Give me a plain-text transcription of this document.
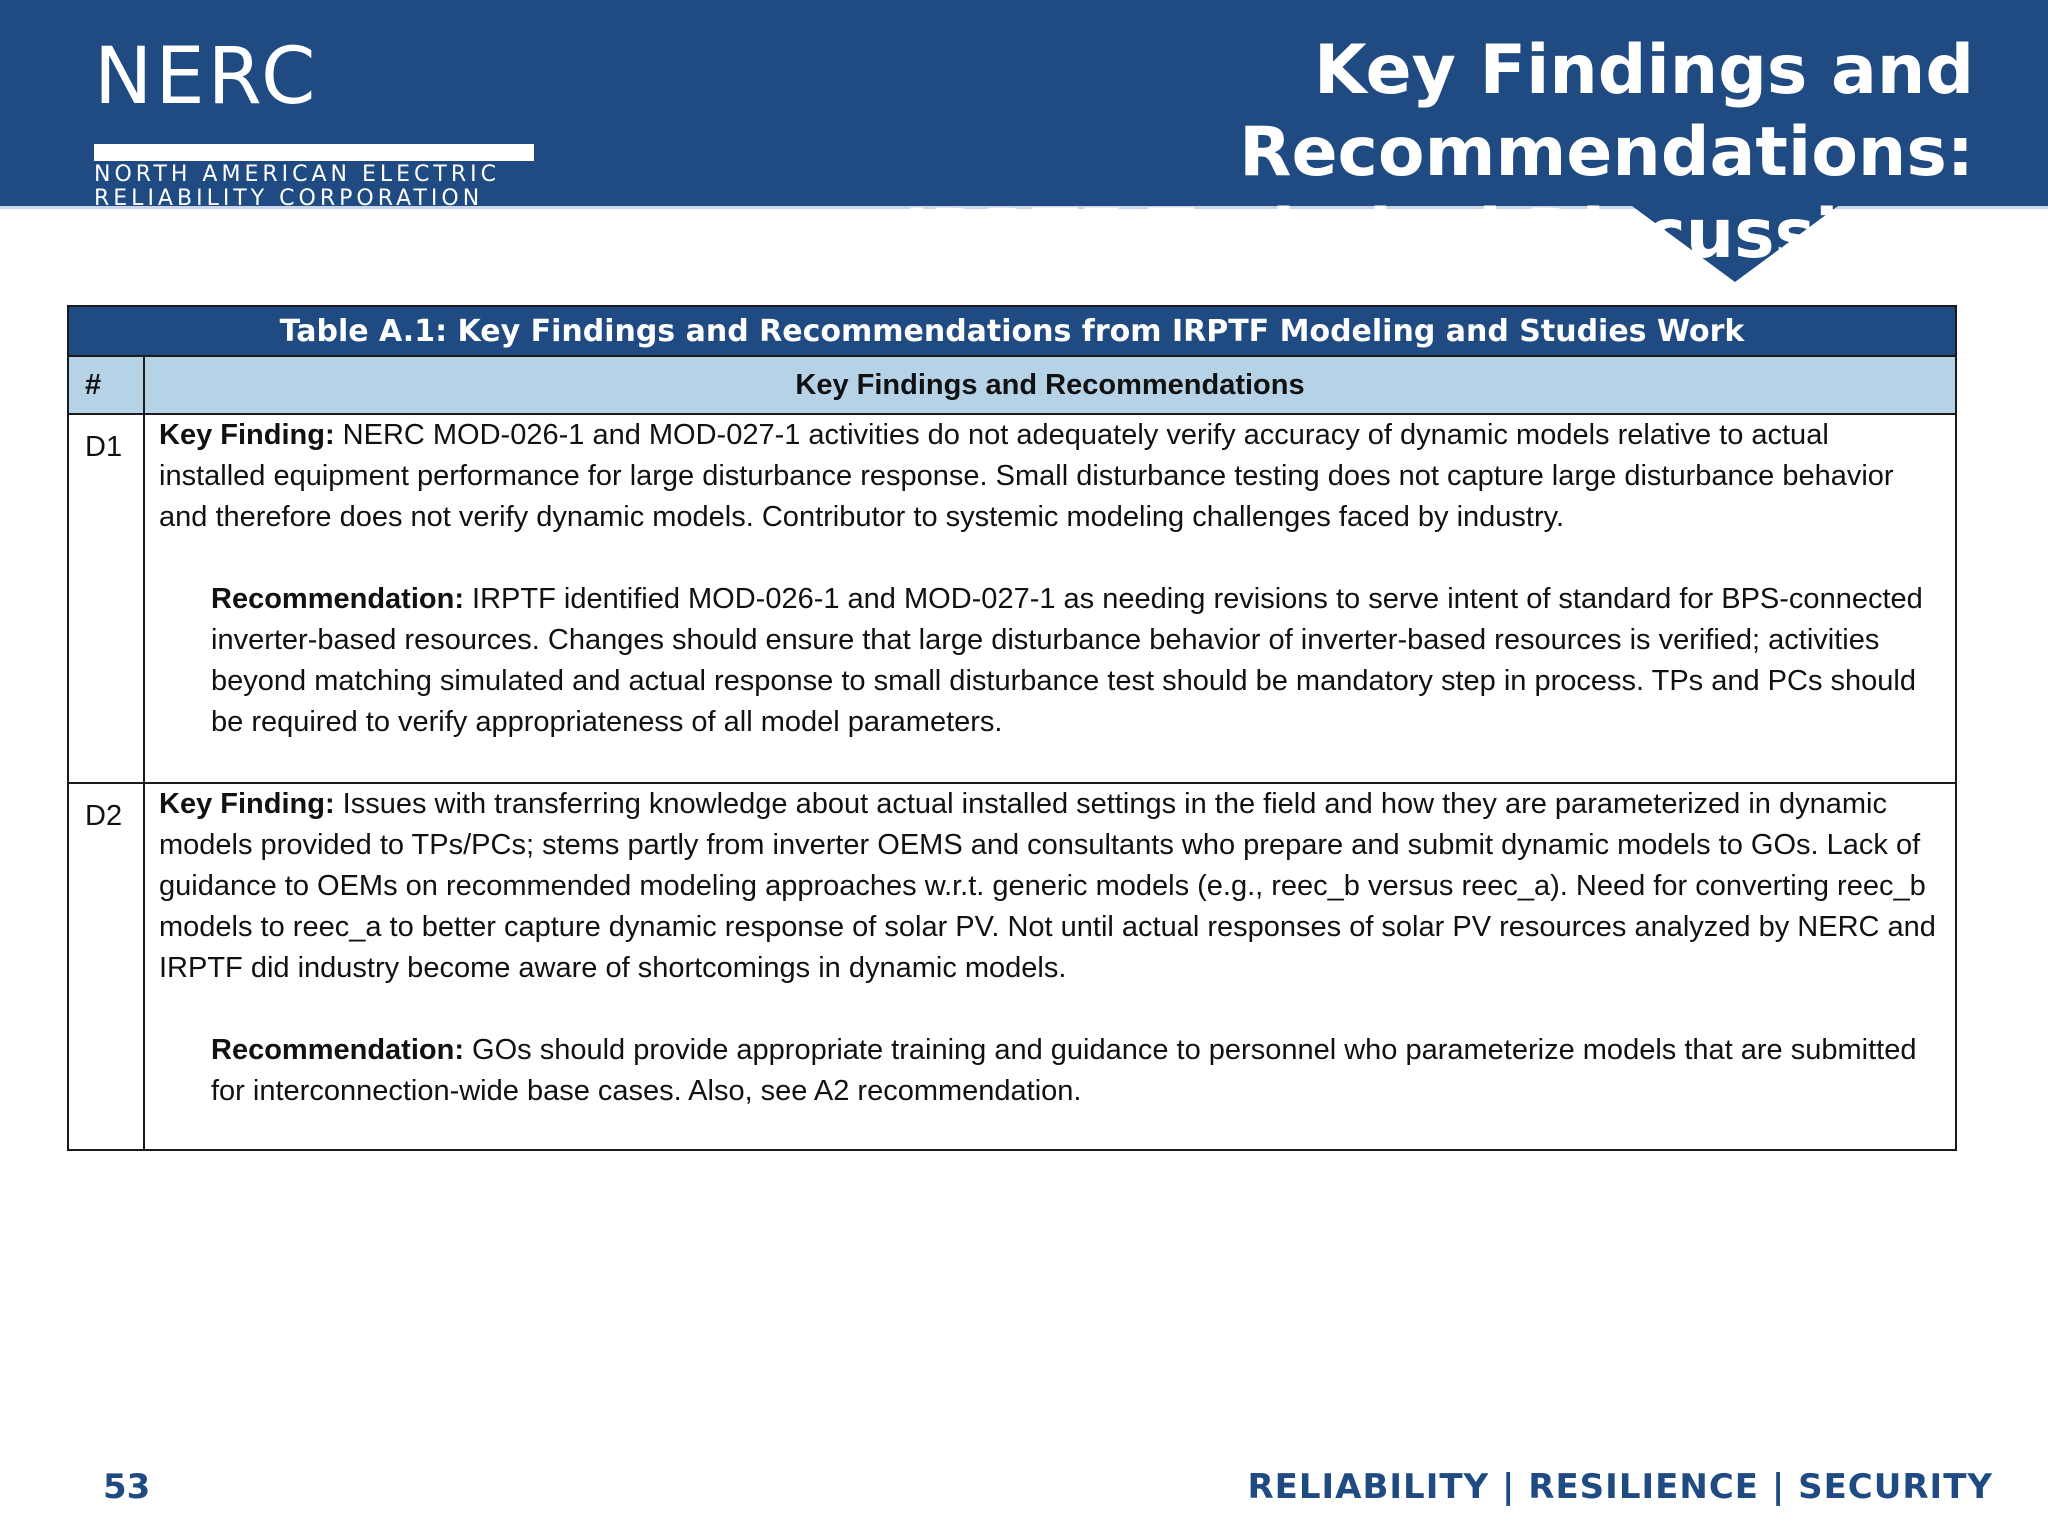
NERC
NORTH AMERICAN ELECTRIC
RELIABILITY CORPORATION
Key Findings and Recommendations:
IRPTF Technical Discussions
Table A.1: Key Findings and Recommendations from IRPTF Modeling and Studies Work	
#	Key Findings and Recommendations
D1	Key Finding: NERC MOD-026-1 and MOD-027-1 activities do not adequately verify accuracy of dynamic models relative to actual installed equipment performance for large disturbance response. Small disturbance testing does not capture large disturbance behavior and therefore does not verify dynamic models. Contributor to systemic modeling challenges faced by industry.

Recommendation: IRPTF identified MOD-026-1 and MOD-027-1 as needing revisions to serve intent of standard for BPS-connected inverter-based resources. Changes should ensure that large disturbance behavior of inverter-based resources is verified; activities beyond matching simulated and actual response to small disturbance test should be mandatory step in process. TPs and PCs should be required to verify appropriateness of all model parameters.

D2	Key Finding: Issues with transferring knowledge about actual installed settings in the field and how they are parameterized in dynamic models provided to TPs/PCs; stems partly from inverter OEMS and consultants who prepare and submit dynamic models to GOs. Lack of guidance to OEMs on recommended modeling approaches w.r.t. generic models (e.g., reec_b versus reec_a). Need for converting reec_b models to reec_a to better capture dynamic response of solar PV. Not until actual responses of solar PV resources analyzed by NERC and IRPTF did industry become aware of shortcomings in dynamic models.

Recommendation: GOs should provide appropriate training and guidance to personnel who parameterize models that are submitted for interconnection-wide base cases. Also, see A2 recommendation.

53	RELIABILITY | RESILIENCE | SECURITY
